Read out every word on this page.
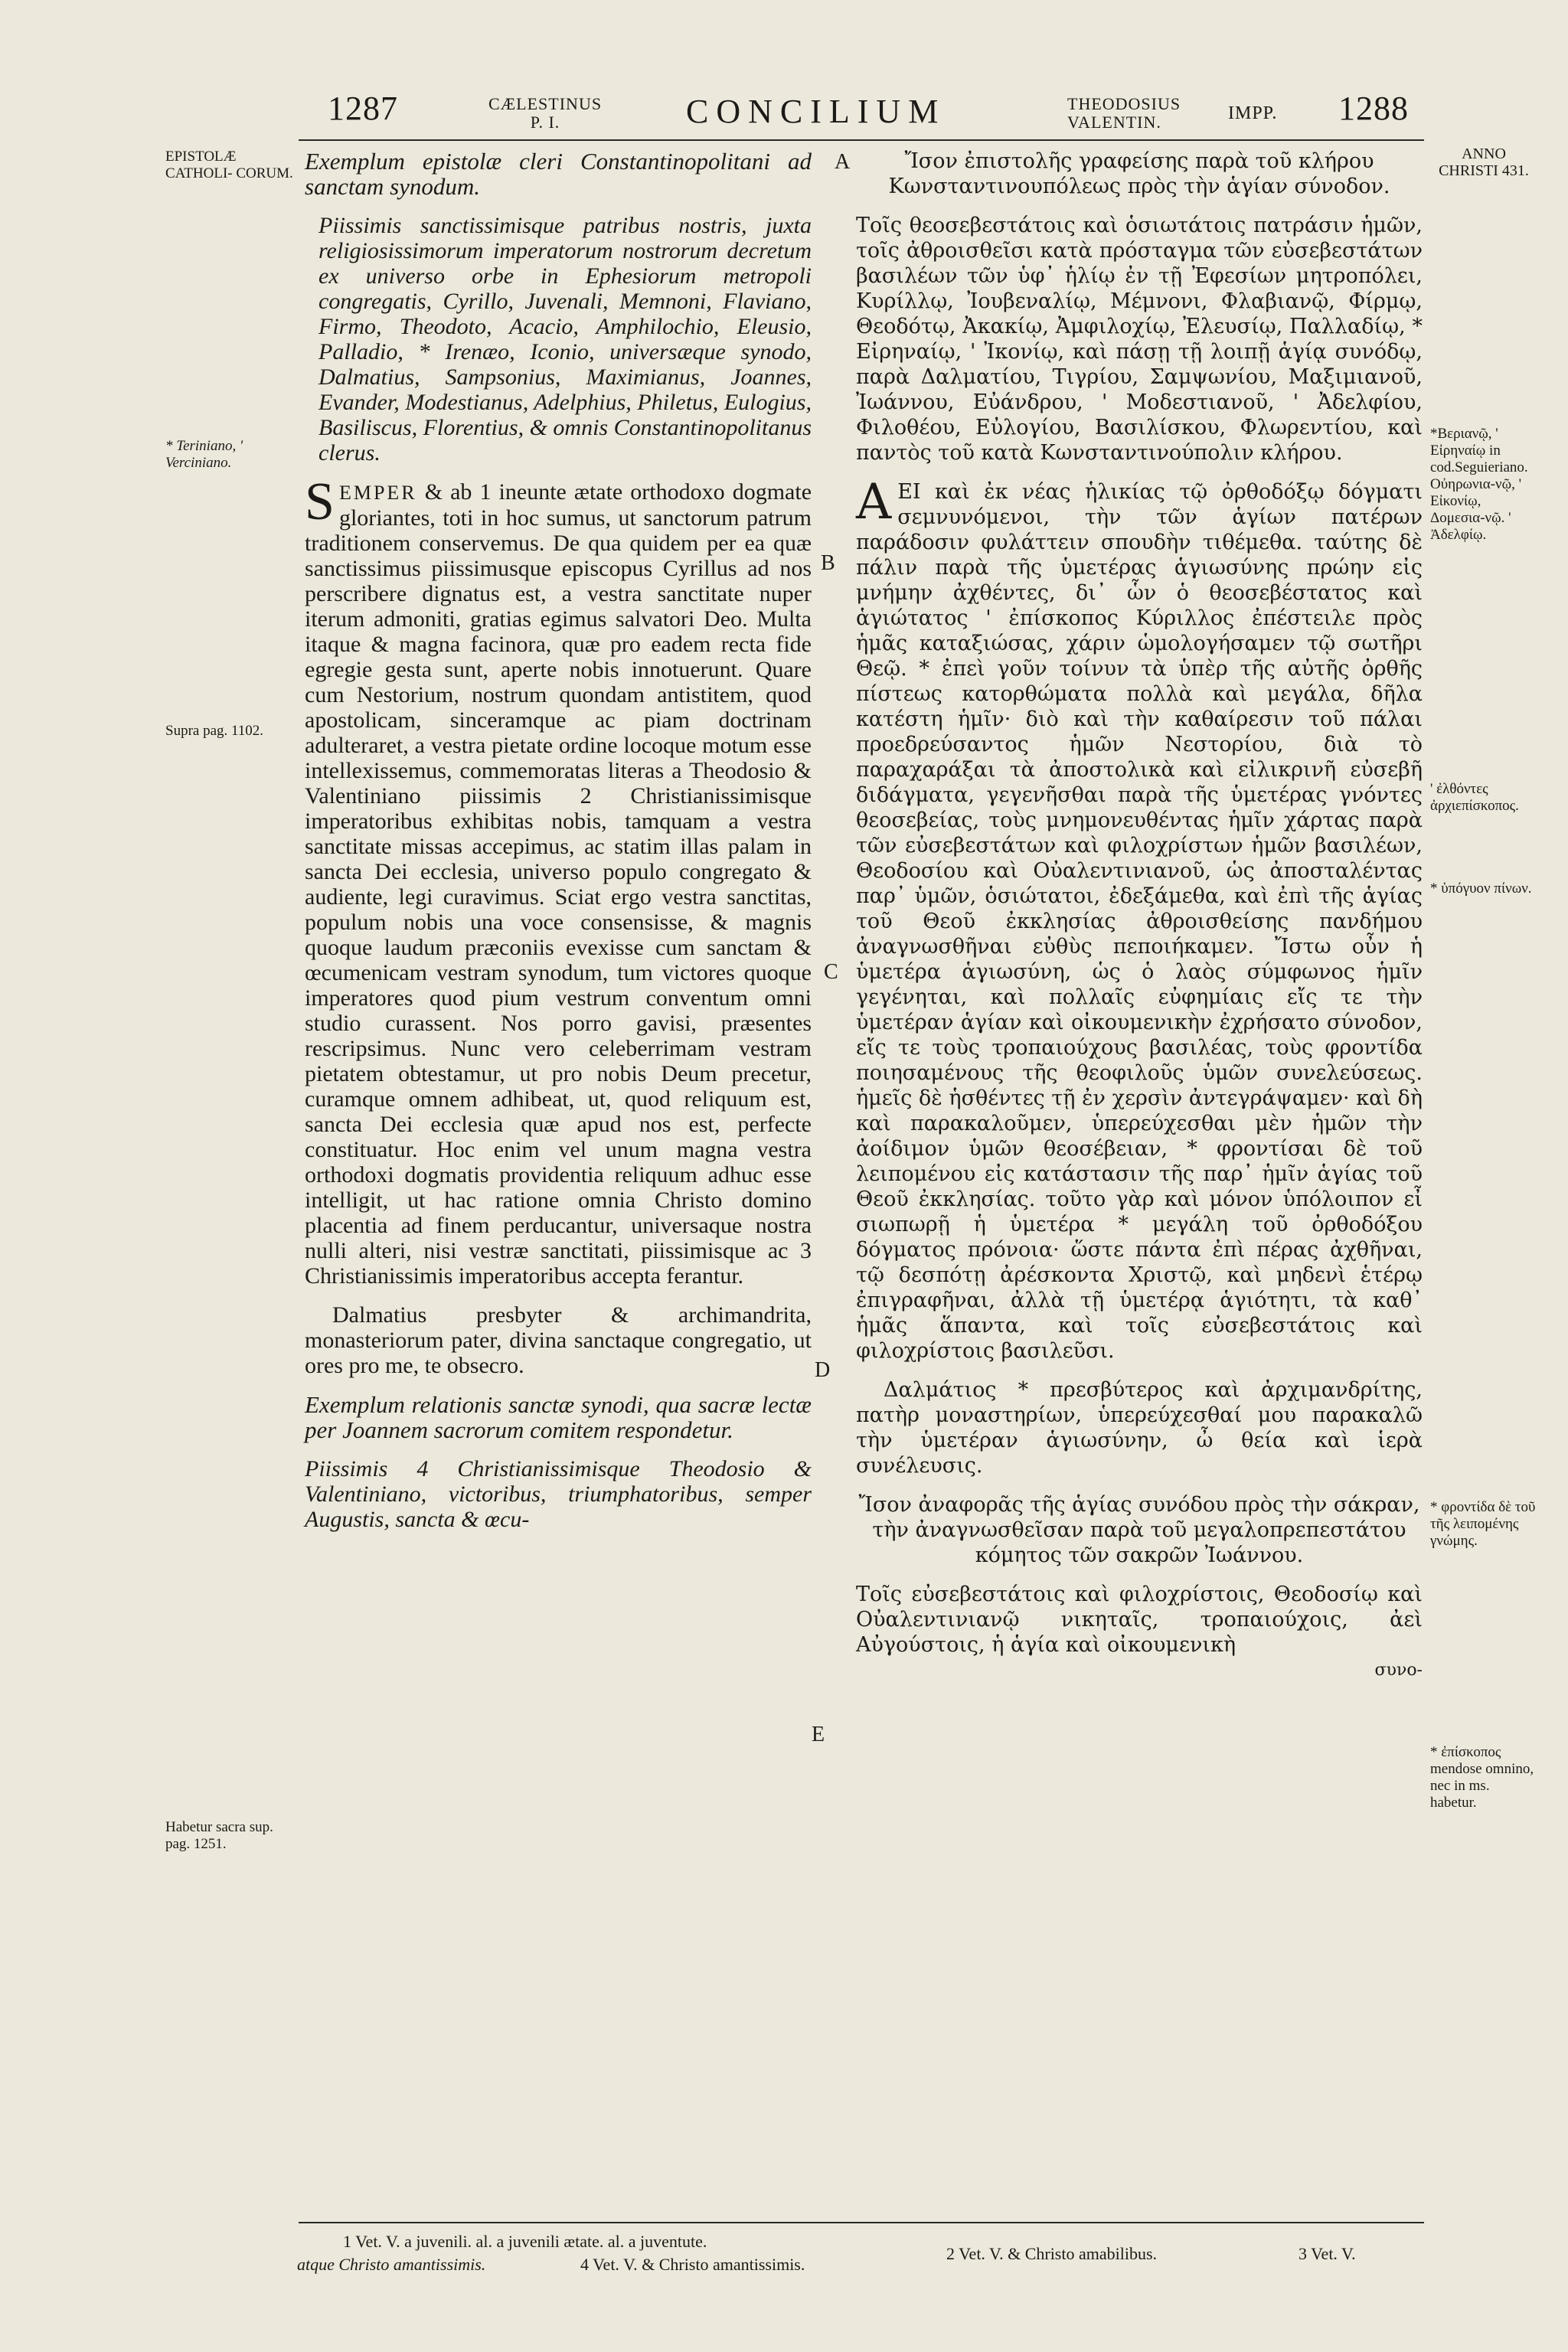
1287	CÆLESTINUS
P. I.	CONCILIUM	THEODOSIUS
VALENTIN.	IMPP. 1288
EPISTOLÆ CATHOLI- CORUM.
* Teriniano, ' Verciniano.
Supra pag. 1102.
Habetur sacra sup. pag. 1251.
ANNO CHRISTI 431.
*Βεριανῷ, ' Εἰρηναίῳ in cod.Seguieriano. Οὐηρωνια-νῷ, ' Εἰκονίῳ, Δομεσια-νῷ. ' Ἀδελφίῳ.
' ἐλθόντες ἀρχιεπίσκοπος.
* ὑπόγυον πίνων.
* φροντίδα δὲ τοῦ τῆς λειπομένης γνώμης.
* ἐπίσκοπος mendose omnino, nec in ms. habetur.
A
B
C
D
E

Exemplum epistolæ cleri Constantinopolitani ad sanctam synodum.

Piissimis sanctissimisque patribus nostris, juxta religiosissimorum imperatorum nostrorum decretum ex universo orbe in Ephesiorum metropoli congregatis, Cyrillo, Juvenali, Memnoni, Flaviano, Firmo, Theodoto, Acacio, Amphilochio, Eleusio, Palladio, * Irenæo, Iconio, universæque synodo, Dalmatius, Sampsonius, Maximianus, Joannes, Evander, Modestianus, Adelphius, Philetus, Eulogius, Basiliscus, Florentius, & omnis Constantinopolitanus clerus.

SEMPER & ab 1 ineunte ætate orthodoxo dogmate gloriantes, toti in hoc sumus, ut sanctorum patrum traditionem conservemus. De qua quidem per ea quæ sanctissimus piissimusque episcopus Cyrillus ad nos perscribere dignatus est, a vestra sanctitate nuper iterum admoniti, gratias egimus salvatori Deo. Multa itaque & magna facinora, quæ pro eadem recta fide egregie gesta sunt, aperte nobis innotuerunt. Quare cum Nestorium, nostrum quondam antistitem, quod apostolicam, sinceramque ac piam doctrinam adulteraret, a vestra pietate ordine locoque motum esse intellexissemus, commemoratas literas a Theodosio & Valentiniano piissimis 2 Christianissimisque imperatoribus exhibitas nobis, tamquam a vestra sanctitate missas accepimus, ac statim illas palam in sancta Dei ecclesia, universo populo congregato & audiente, legi curavimus. Sciat ergo vestra sanctitas, populum nobis una voce consensisse, & magnis quoque laudum præconiis evexisse cum sanctam & œcumenicam vestram synodum, tum victores quoque imperatores quod pium vestrum conventum omni studio curassent. Nos porro gavisi, præsentes rescripsimus. Nunc vero celeberrimam vestram pietatem obtestamur, ut pro nobis Deum precetur, curamque omnem adhibeat, ut, quod reliquum est, sancta Dei ecclesia quæ apud nos est, perfecte constituatur. Hoc enim vel unum magna vestra orthodoxi dogmatis providentia reliquum adhuc esse intelligit, ut hac ratione omnia Christo domino placentia ad finem perducantur, universaque nostra nulli alteri, nisi vestræ sanctitati, piissimisque ac 3 Christianissimis imperatoribus accepta ferantur.

Dalmatius presbyter & archimandrita, monasteriorum pater, divina sanctaque congregatio, ut ores pro me, te obsecro.

Exemplum relationis sanctæ synodi, qua sacræ lectæ per Joannem sacrorum comitem respondetur.

Piissimis 4 Christianissimisque Theodosio & Valentiniano, victoribus, triumphatoribus, semper Augustis, sancta & œcu-

Ἴσον ἐπιστολῆς γραφείσης παρὰ τοῦ κλήρου Κωνσταντινουπόλεως πρὸς τὴν ἁγίαν σύνοδον.

Τοῖς θεοσεβεστάτοις καὶ ὁσιωτάτοις πατράσιν ἡμῶν, τοῖς ἀθροισθεῖσι κατὰ πρόσταγμα τῶν εὐσεβεστάτων βασιλέων τῶν ὑφ᾽ ἡλίῳ ἐν τῇ Ἐφεσίων μητροπόλει, Κυρίλλῳ, Ἰουβεναλίῳ, Μέμνονι, Φλαβιανῷ, Φίρμῳ, Θεοδότῳ, Ἀκακίῳ, Ἀμφιλοχίῳ, Ἐλευσίῳ, Παλλαδίῳ, * Εἰρηναίῳ, ' Ἰκονίῳ, καὶ πάσῃ τῇ λοιπῇ ἁγίᾳ συνόδῳ, παρὰ Δαλματίου, Τιγρίου, Σαμψωνίου, Μαξιμιανοῦ, Ἰωάννου, Εὐάνδρου, ' Μοδεστιανοῦ, ' Ἀδελφίου, Φιλοθέου, Εὐλογίου, Βασιλίσκου, Φλωρεντίου, καὶ παντὸς τοῦ κατὰ Κωνσταντινούπολιν κλήρου.

ΑΕΙ καὶ ἐκ νέας ἡλικίας τῷ ὀρθοδόξῳ δόγματι σεμνυνόμενοι, τὴν τῶν ἁγίων πατέρων παράδοσιν φυλάττειν σπουδὴν τιθέμεθα. ταύτης δὲ πάλιν παρὰ τῆς ὑμετέρας ἁγιωσύνης πρώην εἰς μνήμην ἀχθέντες, δι᾽ ὧν ὁ θεοσεβέστατος καὶ ἁγιώτατος ' ἐπίσκοπος Κύριλλος ἐπέστειλε πρὸς ἡμᾶς καταξιώσας, χάριν ὡμολογήσαμεν τῷ σωτῆρι Θεῷ. * ἐπεὶ γοῦν τοίνυν τὰ ὑπὲρ τῆς αὐτῆς ὀρθῆς πίστεως κατορθώματα πολλὰ καὶ μεγάλα, δῆλα κατέστη ἡμῖν· διὸ καὶ τὴν καθαίρεσιν τοῦ πάλαι προεδρεύσαντος ἡμῶν Νεστορίου, διὰ τὸ παραχαράξαι τὰ ἀποστολικὰ καὶ εἰλικρινῆ εὐσεβῆ διδάγματα, γεγενῆσθαι παρὰ τῆς ὑμετέρας γνόντες θεοσεβείας, τοὺς μνημονευθέντας ἡμῖν χάρτας παρὰ τῶν εὐσεβεστάτων καὶ φιλοχρίστων ἡμῶν βασιλέων, Θεοδοσίου καὶ Οὐαλεντινιανοῦ, ὡς ἀποσταλέντας παρ᾽ ὑμῶν, ὁσιώτατοι, ἐδεξάμεθα, καὶ ἐπὶ τῆς ἁγίας τοῦ Θεοῦ ἐκκλησίας ἀθροισθείσης πανδήμου ἀναγνωσθῆναι εὐθὺς πεποιήκαμεν. Ἴστω οὖν ἡ ὑμετέρα ἁγιωσύνη, ὡς ὁ λαὸς σύμφωνος ἡμῖν γεγένηται, καὶ πολλαῖς εὐφημίαις εἴς τε τὴν ὑμετέραν ἁγίαν καὶ οἰκουμενικὴν ἐχρήσατο σύνοδον, εἴς τε τοὺς τροπαιούχους βασιλέας, τοὺς φροντίδα ποιησαμένους τῆς θεοφιλοῦς ὑμῶν συνελεύσεως. ἡμεῖς δὲ ἡσθέντες τῇ ἐν χερσὶν ἀντεγράψαμεν· καὶ δὴ καὶ παρακαλοῦμεν, ὑπερεύχεσθαι μὲν ἡμῶν τὴν ἀοίδιμον ὑμῶν θεοσέβειαν, * φροντίσαι δὲ τοῦ λειπομένου εἰς κατάστασιν τῆς παρ᾽ ἡμῖν ἁγίας τοῦ Θεοῦ ἐκκλησίας. τοῦτο γὰρ καὶ μόνον ὑπόλοιπον εἶ σιωπωρῇ ἡ ὑμετέρα * μεγάλη τοῦ ὀρθοδόξου δόγματος πρόνοια· ὥστε πάντα ἐπὶ πέρας ἀχθῆναι, τῷ δεσπότῃ ἀρέσκοντα Χριστῷ, καὶ μηδενὶ ἑτέρῳ ἐπιγραφῆναι, ἀλλὰ τῇ ὑμετέρᾳ ἁγιότητι, τὰ καθ᾽ ἡμᾶς ἅπαντα, καὶ τοῖς εὐσεβεστάτοις καὶ φιλοχρίστοις βασιλεῦσι.

Δαλμάτιος * πρεσβύτερος καὶ ἀρχιμανδρίτης, πατὴρ μοναστηρίων, ὑπερεύχεσθαί μου παρακαλῶ τὴν ὑμετέραν ἁγιωσύνην, ὦ θεία καὶ ἱερὰ συνέλευσις.

Ἴσον ἀναφορᾶς τῆς ἁγίας συνόδου πρὸς τὴν σάκραν, τὴν ἀναγνωσθεῖσαν παρὰ τοῦ μεγαλοπρεπεστάτου κόμητος τῶν σακρῶν Ἰωάννου.

Τοῖς εὐσεβεστάτοις καὶ φιλοχρίστοις, Θεοδοσίῳ καὶ Οὐαλεντινιανῷ νικηταῖς, τροπαιούχοις, ἀεὶ Αὐγούστοις, ἡ ἁγία καὶ οἰκουμενικὴ

συνο-

1 Vet. V. a juvenili. al. a juvenili ætate. al. a juventute.
atque Christo amantissimis.	4 Vet. V. & Christo amantissimis.
2 Vet. V. & Christo amabilibus.	3 Vet. V.
